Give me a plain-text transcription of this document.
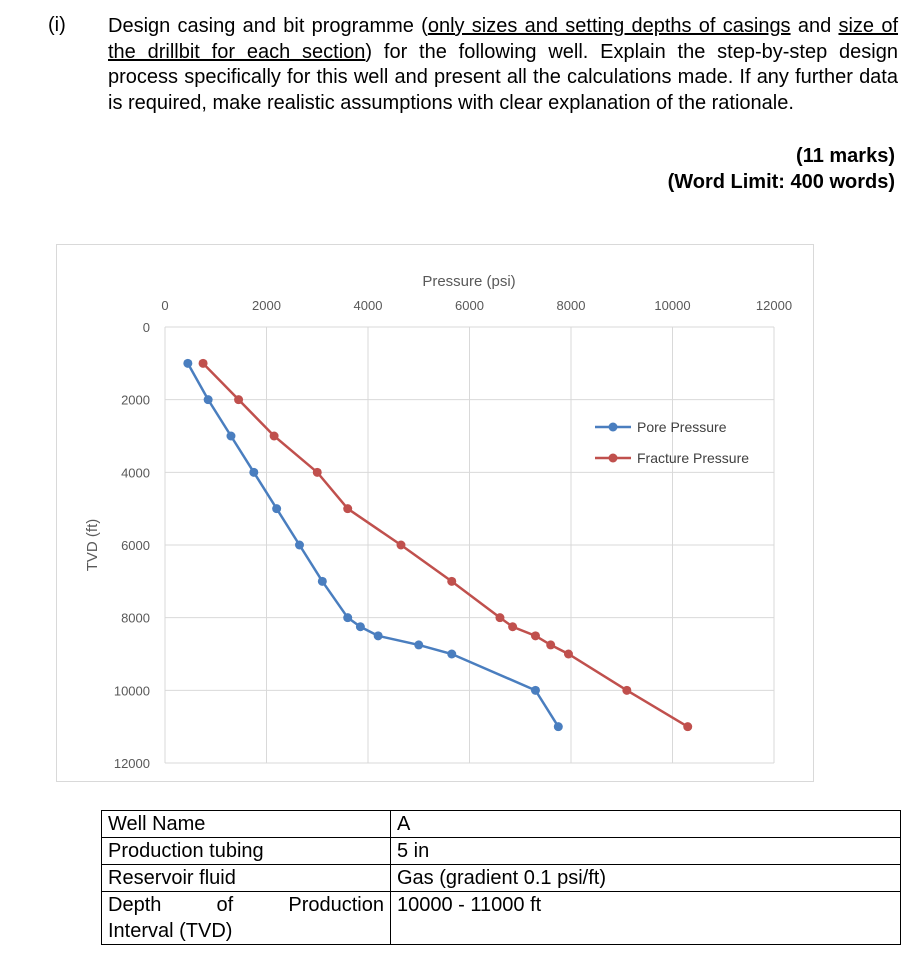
(i) Design casing and bit programme (only sizes and setting depths of casings and size of the drillbit for each section) for the following well. Explain the step-by-step design process specifically for this well and present all the calculations made. If any further data is required, make realistic assumptions with clear explanation of the rationale.
(11 marks)
(Word Limit: 400 words)
0	2000	4000	6000	8000	10000	12000
0
2000
4000
6000
8000
10000
12000
Pressure (psi)
TVD (ft)
Pore Pressure
Fracture Pressure
Well Name	A
Production tubing	5 in
Reservoir fluid	Gas (gradient 0.1 psi/ft)

Depth of Production
Interval (TVD)	10000 - 11000 ft
